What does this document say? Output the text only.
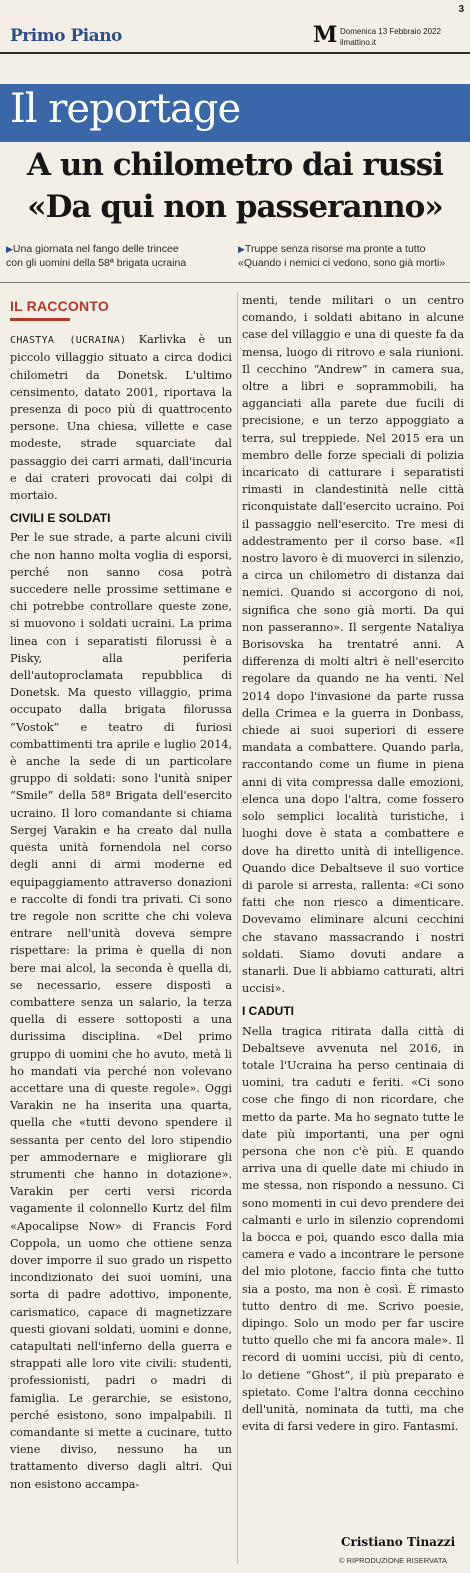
3
Primo Piano	M Domenica 13 Febbraio 2022
ilmattino.it
Il reportage
A un chilometro dai russi
«Da qui non passeranno»
▶Una giornata nel fango delle trincee
con gli uomini della 58ª brigata ucraina
▶Truppe senza risorse ma pronte a tutto
«Quando i nemici ci vedono, sono già morti»
IL RACCONTO

CHASTYA (UCRAINA) Karlivka è un piccolo villaggio situato a circa dodici chilometri da Donetsk. L'ultimo censimento, datato 2001, riportava la presenza di poco più di quattrocento persone. Una chiesa, villette e case modeste, strade squarciate dal passaggio dei carri armati, dall'incuria e dai crateri provocati dai colpi di mortaio.

CIVILI E SOLDATI

Per le sue strade, a parte alcuni civili che non hanno molta voglia di esporsi, perché non sanno cosa potrà succedere nelle prossime settimane e chi potrebbe controllare queste zone, si muovono i soldati ucraini. La prima linea con i separatisti filorussi è a Pisky, alla periferia dell'autoproclamata repubblica di Donetsk. Ma questo villaggio, prima occupato dalla brigata filorussa “Vostok” e teatro di furiosi combattimenti tra aprile e luglio 2014, è anche la sede di un particolare gruppo di soldati: sono l'unità sniper “Smile” della 58ª Brigata dell'esercito ucraino. Il loro comandante si chiama Sergej Varakin e ha creato dal nulla questa unità fornendola nel corso degli anni di armi moderne ed equipaggiamento attraverso donazioni e raccolte di fondi tra privati. Ci sono tre regole non scritte che chi voleva entrare nell'unità doveva sempre rispettare: la prima è quella di non bere mai alcol, la seconda è quella di, se necessario, essere disposti a combattere senza un salario, la terza quella di essere sottoposti a una durissima disciplina. «Del primo gruppo di uomini che ho avuto, metà li ho mandati via perché non volevano accettare una di queste regole». Oggi Varakin ne ha inserita una quarta, quella che «tutti devono spendere il sessanta per cento del loro stipendio per ammodernare e migliorare gli strumenti che hanno in dotazione». Varakin per certi versi ricorda vagamente il colonnello Kurtz del film «Apocalipse Now» di Francis Ford Coppola, un uomo che ottiene senza dover imporre il suo grado un rispetto incondizionato dei suoi uomini, una sorta di padre adottivo, imponente, carismatico, capace di magnetizzare questi giovani soldati, uomini e donne, catapultati nell'inferno della guerra e strappati alle loro vite civili: studenti, professionisti, padri o madri di famiglia. Le gerarchie, se esistono, perché esistono, sono impalpabili. Il comandante si mette a cucinare, tutto viene diviso, nessuno ha un trattamento diverso dagli altri. Qui non esistono accampa-

menti, tende militari o un centro comando, i soldati abitano in alcune case del villaggio e una di queste fa da mensa, luogo di ritrovo e sala riunioni. Il cecchino “Andrew” in camera sua, oltre a libri e soprammobili, ha agganciati alla parete due fucili di precisione, e un terzo appoggiato a terra, sul treppiede. Nel 2015 era un membro delle forze speciali di polizia incaricato di catturare i separatisti rimasti in clandestinità nelle città riconquistate dall'esercito ucraino. Poi il passaggio nell'esercito. Tre mesi di addestramento per il corso base. «Il nostro lavoro è di muoverci in silenzio, a circa un chilometro di distanza dai nemici. Quando si accorgono di noi, significa che sono già morti. Da qui non passeranno». Il sergente Nataliya Borisovska ha trentatré anni. A differenza di molti altri è nell'esercito regolare da quando ne ha venti. Nel 2014 dopo l'invasione da parte russa della Crimea e la guerra in Donbass, chiede ai suoi superiori di essere mandata a combattere. Quando parla, raccontando come un fiume in piena anni di vita compressa dalle emozioni, elenca una dopo l'altra, come fossero solo semplici località turistiche, i luoghi dove è stata a combattere e dove ha diretto unità di intelligence. Quando dice Debaltseve il suo vortice di parole si arresta, rallenta: «Ci sono fatti che non riesco a dimenticare. Dovevamo eliminare alcuni cecchini che stavano massacrando i nostri soldati. Siamo dovuti andare a stanarli. Due li abbiamo catturati, altri uccisi».

I CADUTI

Nella tragica ritirata dalla città di Debaltseve avvenuta nel 2016, in totale l'Ucraina ha perso centinaia di uomini, tra caduti e feriti. «Ci sono cose che fingo di non ricordare, che metto da parte. Ma ho segnato tutte le date più importanti, una per ogni persona che non c'è più. E quando arriva una di quelle date mi chiudo in me stessa, non rispondo a nessuno. Ci sono momenti in cui devo prendere dei calmanti e urlo in silenzio coprendomi la bocca e poi, quando esco dalla mia camera e vado a incontrare le persone del mio plotone, faccio finta che tutto sia a posto, ma non è così. È rimasto tutto dentro di me. Scrivo poesie, dipingo. Solo un modo per far uscire tutto quello che mi fa ancora male». Il record di uomini uccisi, più di cento, lo detiene “Ghost”, il più preparato e spietato. Come l'altra donna cecchino dell'unità, nominata da tutti, ma che evita di farsi vedere in giro. Fantasmi.

Cristiano Tinazzi
© RIPRODUZIONE RISERVATA
